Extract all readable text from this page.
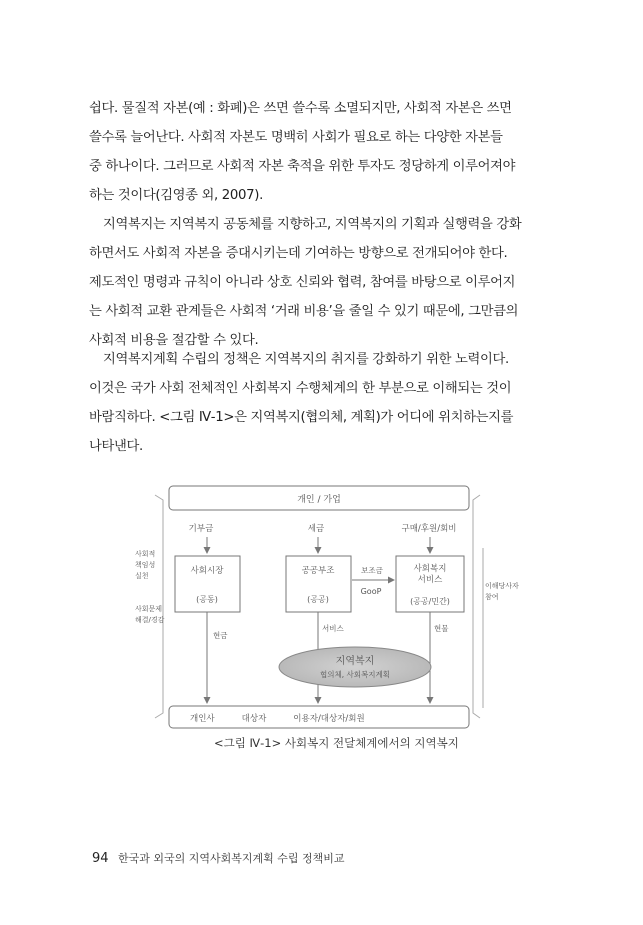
쉽다. 물질적 자본(예 : 화폐)은 쓰면 쓸수록 소멸되지만, 사회적 자본은 쓰면
쓸수록 늘어난다. 사회적 자본도 명백히 사회가 필요로 하는 다양한 자본들
중 하나이다. 그러므로 사회적 자본 축적을 위한 투자도 정당하게 이루어져야
하는 것이다(김영종 외, 2007).
지역복지는 지역복지 공동체를 지향하고, 지역복지의 기획과 실행력을 강화
하면서도 사회적 자본을 증대시키는데 기여하는 방향으로 전개되어야 한다.
제도적인 명령과 규칙이 아니라 상호 신뢰와 협력, 참여를 바탕으로 이루어지
는 사회적 교환 관계들은 사회적 ‘거래 비용’을 줄일 수 있기 때문에, 그만큼의
사회적 비용을 절감할 수 있다.
지역복지계획 수립의 정책은 지역복지의 취지를 강화하기 위한 노력이다.
이것은 국가 사회 전체적인 사회복지 수행체계의 한 부분으로 이해되는 것이
바람직하다. <그림 Ⅳ-1>은 지역복지(협의체, 계획)가 어디에 위치하는지를
나타낸다.
개인 / 가업
기부금	세금	구매/후원/회비
사회적 책임성 실천
사회문제 해결/경감
이해당사자 참여
사회시장
(공동)
공공부조
(공공)
사회복지
서비스
(공공/민간)
보조금
GooP
현금
서비스	현물
지역복지
협의체, 사회복지계획
개인사          대상자          이용자/대상자/회원
<그림 Ⅳ-1> 사회복지 전달체계에서의 지역복지
94 한국과 외국의 지역사회복지계획 수립 정책비교
